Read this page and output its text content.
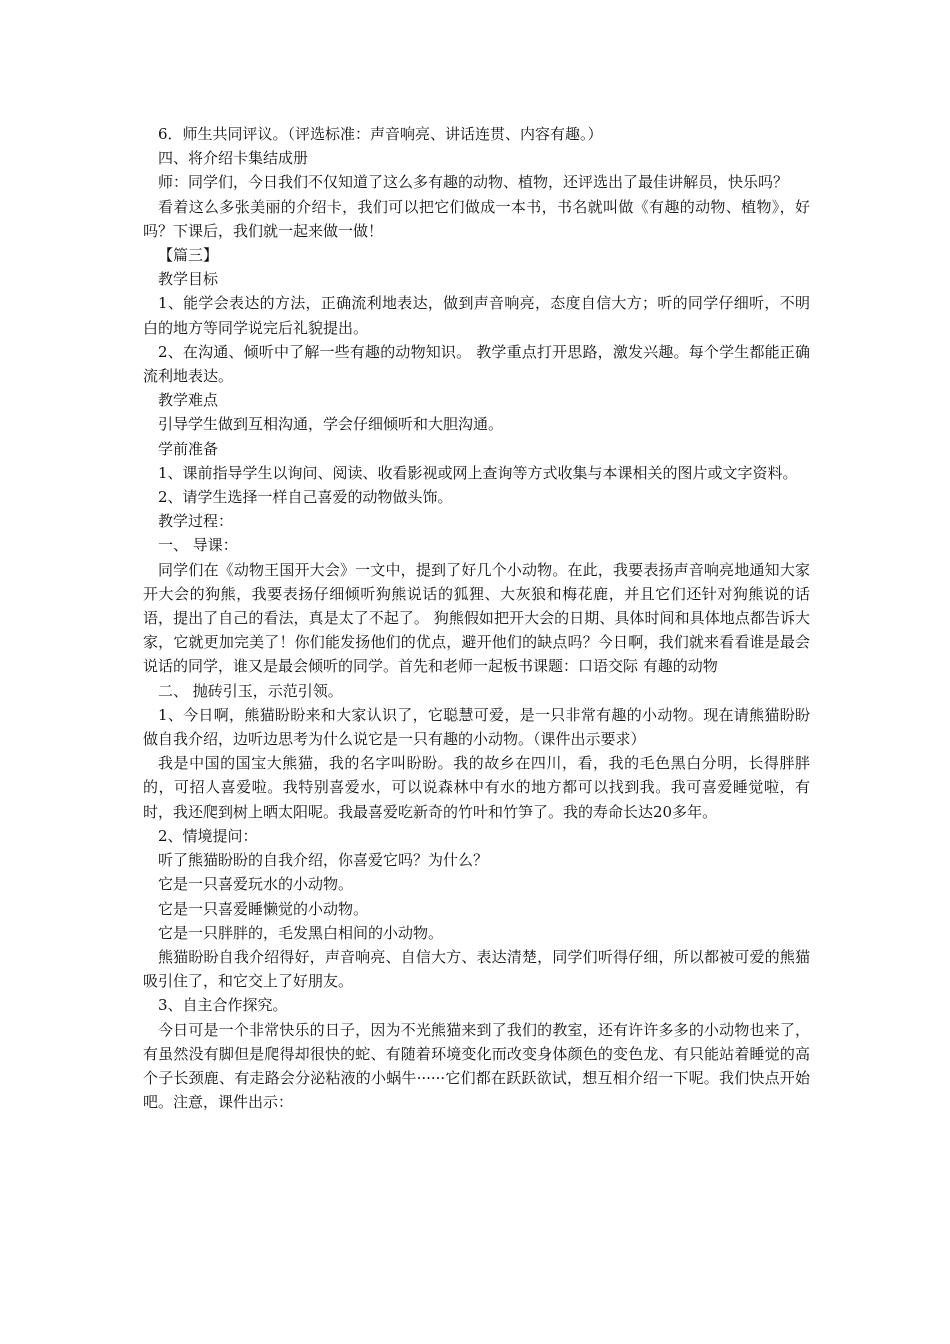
6．师生共同评议。（评选标准：声音响亮、讲话连贯、内容有趣。）

四、将介绍卡集结成册

师：同学们，今日我们不仅知道了这么多有趣的动物、植物，还评选出了最佳讲解员，快乐吗？

看着这么多张美丽的介绍卡，我们可以把它们做成一本书，书名就叫做《有趣的动物、植物》，好吗？下课后，我们就一起来做一做！

【篇三】

教学目标

1、能学会表达的方法，正确流利地表达，做到声音响亮，态度自信大方；听的同学仔细听，不明白的地方等同学说完后礼貌提出。

2、在沟通、倾听中了解一些有趣的动物知识。 教学重点打开思路，激发兴趣。每个学生都能正确流利地表达。

教学难点

引导学生做到互相沟通，学会仔细倾听和大胆沟通。

学前准备

1、课前指导学生以询问、阅读、收看影视或网上查询等方式收集与本课相关的图片或文字资料。

2、请学生选择一样自己喜爱的动物做头饰。

教学过程：

一、 导课：

同学们在《动物王国开大会》一文中，提到了好几个小动物。在此，我要表扬声音响亮地通知大家开大会的狗熊，我要表扬仔细倾听狗熊说话的狐狸、大灰狼和梅花鹿，并且它们还针对狗熊说的话语，提出了自己的看法，真是太了不起了。 狗熊假如把开大会的日期、具体时间和具体地点都告诉大家，它就更加完美了！你们能发扬他们的优点，避开他们的缺点吗？今日啊，我们就来看看谁是最会说话的同学，谁又是最会倾听的同学。首先和老师一起板书课题：口语交际 有趣的动物

二、 抛砖引玉，示范引领。

1、今日啊，熊猫盼盼来和大家认识了，它聪慧可爱，是一只非常有趣的小动物。现在请熊猫盼盼做自我介绍，边听边思考为什么说它是一只有趣的小动物。（课件出示要求）

我是中国的国宝大熊猫，我的名字叫盼盼。我的故乡在四川，看，我的毛色黑白分明，长得胖胖的，可招人喜爱啦。我特别喜爱水，可以说森林中有水的地方都可以找到我。我可喜爱睡觉啦，有时，我还爬到树上晒太阳呢。我最喜爱吃新奇的竹叶和竹笋了。我的寿命长达20多年。

2、情境提问：

听了熊猫盼盼的自我介绍，你喜爱它吗？为什么？

它是一只喜爱玩水的小动物。

它是一只喜爱睡懒觉的小动物。

它是一只胖胖的，毛发黑白相间的小动物。

熊猫盼盼自我介绍得好，声音响亮、自信大方、表达清楚，同学们听得仔细，所以都被可爱的熊猫吸引住了，和它交上了好朋友。

3、自主合作探究。

今日可是一个非常快乐的日子，因为不光熊猫来到了我们的教室，还有许许多多的小动物也来了，有虽然没有脚但是爬得却很快的蛇、有随着环境变化而改变身体颜色的变色龙、有只能站着睡觉的高个子长颈鹿、有走路会分泌粘液的小蜗牛······它们都在跃跃欲试，想互相介绍一下呢。我们快点开始吧。注意，课件出示：
